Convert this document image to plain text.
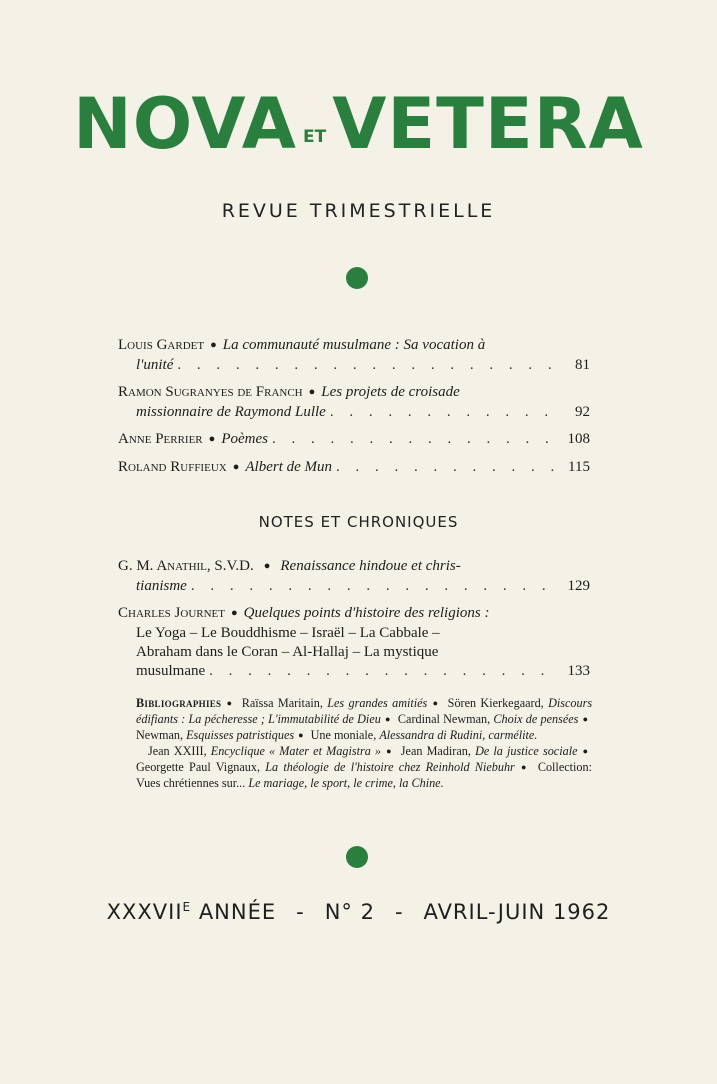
NOVA ETVETERA
REVUE TRIMESTRIELLE
Louis Gardet ● La communauté musulmane : Sa vocation à
l'unité . . .	81
Ramon Sugranyes de Franch ● Les projets de croisade
missionnaire de Raymond Lulle . . .	92
Anne Perrier ● Poèmes . . .	108
Roland Ruffieux ● Albert de Mun . . .	115
NOTES ET CHRONIQUES
G. M. Anathil,
S.V.D. ● Renaissance hindoue et chris-
tianisme . . .	129
Charles Journet ● Quelques points d'histoire des religions :
Le Yoga – Le Bouddhisme – Israël – La Cabbale –
Abraham dans le Coran – Al-Hallaj – La mystique
musulmane . . .	133

Bibliographies ● Raïssa Maritain, Les grandes amitiés ● Sören Kierkegaard, Discours édifiants : La pécheresse ; L'immutabilité de Dieu ● Cardinal Newman, Choix de pensées ● Newman, Esquisses patristiques ● Une moniale, Alessandra di Rudini, carmélite.

Jean XXIII, Encyclique « Mater et Magistra » ● Jean Madiran, De la justice sociale ● Georgette Paul Vignaux, La théologie de l'histoire chez Reinhold Niebuhr ● Collection: Vues chrétiennes sur... Le mariage, le sport, le crime, la Chine.

$XXXVII^E$ ANNÉE - N° 2 - AVRIL-JUIN 1962
